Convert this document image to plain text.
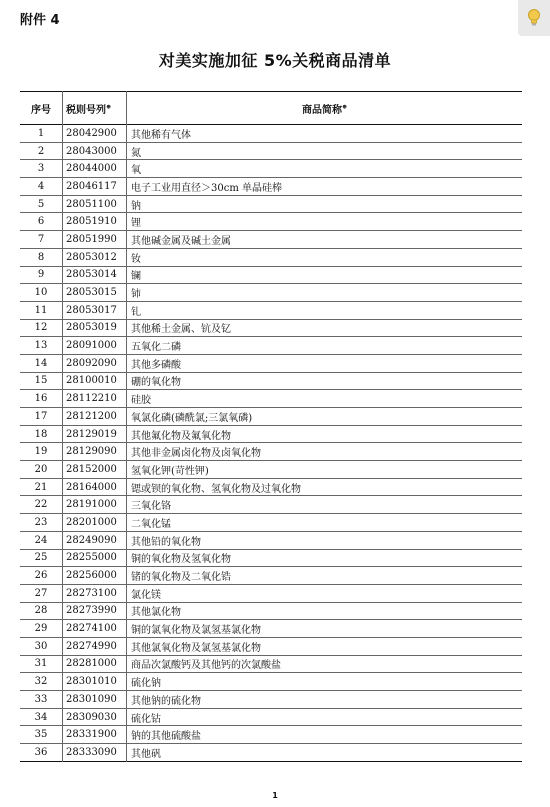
附件 4
对美实施加征 5%关税商品清单
序号	税则号列⊕	商品简称⊕
1	28042900	其他稀有气体
2	28043000	氮
3	28044000	氧
4	28046117	电子工业用直径＞30cm 单晶硅棒
5	28051100	钠
6	28051910	锂
7	28051990	其他碱金属及碱土金属
8	28053012	钕
9	28053014	镧
10	28053015	铈
11	28053017	钆
12	28053019	其他稀土金属、钪及钇
13	28091000	五氧化二磷
14	28092090	其他多磷酸
15	28100010	硼的氧化物
16	28112210	硅胶
17	28121200	氧氯化磷(磷酰氯;三氯氧磷)
18	28129019	其他氟化物及氟氧化物
19	28129090	其他非金属卤化物及卤氧化物
20	28152000	氢氧化钾(苛性钾)
21	28164000	锶或钡的氧化物、氢氧化物及过氧化物
22	28191000	三氧化铬
23	28201000	二氧化锰
24	28249090	其他铅的氧化物
25	28255000	铜的氧化物及氢氧化物
26	28256000	锗的氧化物及二氧化锆
27	28273100	氯化镁
28	28273990	其他氯化物
29	28274100	铜的氯氧化物及氯氢基氯化物
30	28274990	其他氯氧化物及氯氢基氯化物
31	28281000	商品次氯酸钙及其他钙的次氯酸盐
32	28301010	硫化钠
33	28301090	其他钠的硫化物
34	28309030	硫化钴
35	28331900	钠的其他硫酸盐
36	28333090	其他矾
1
